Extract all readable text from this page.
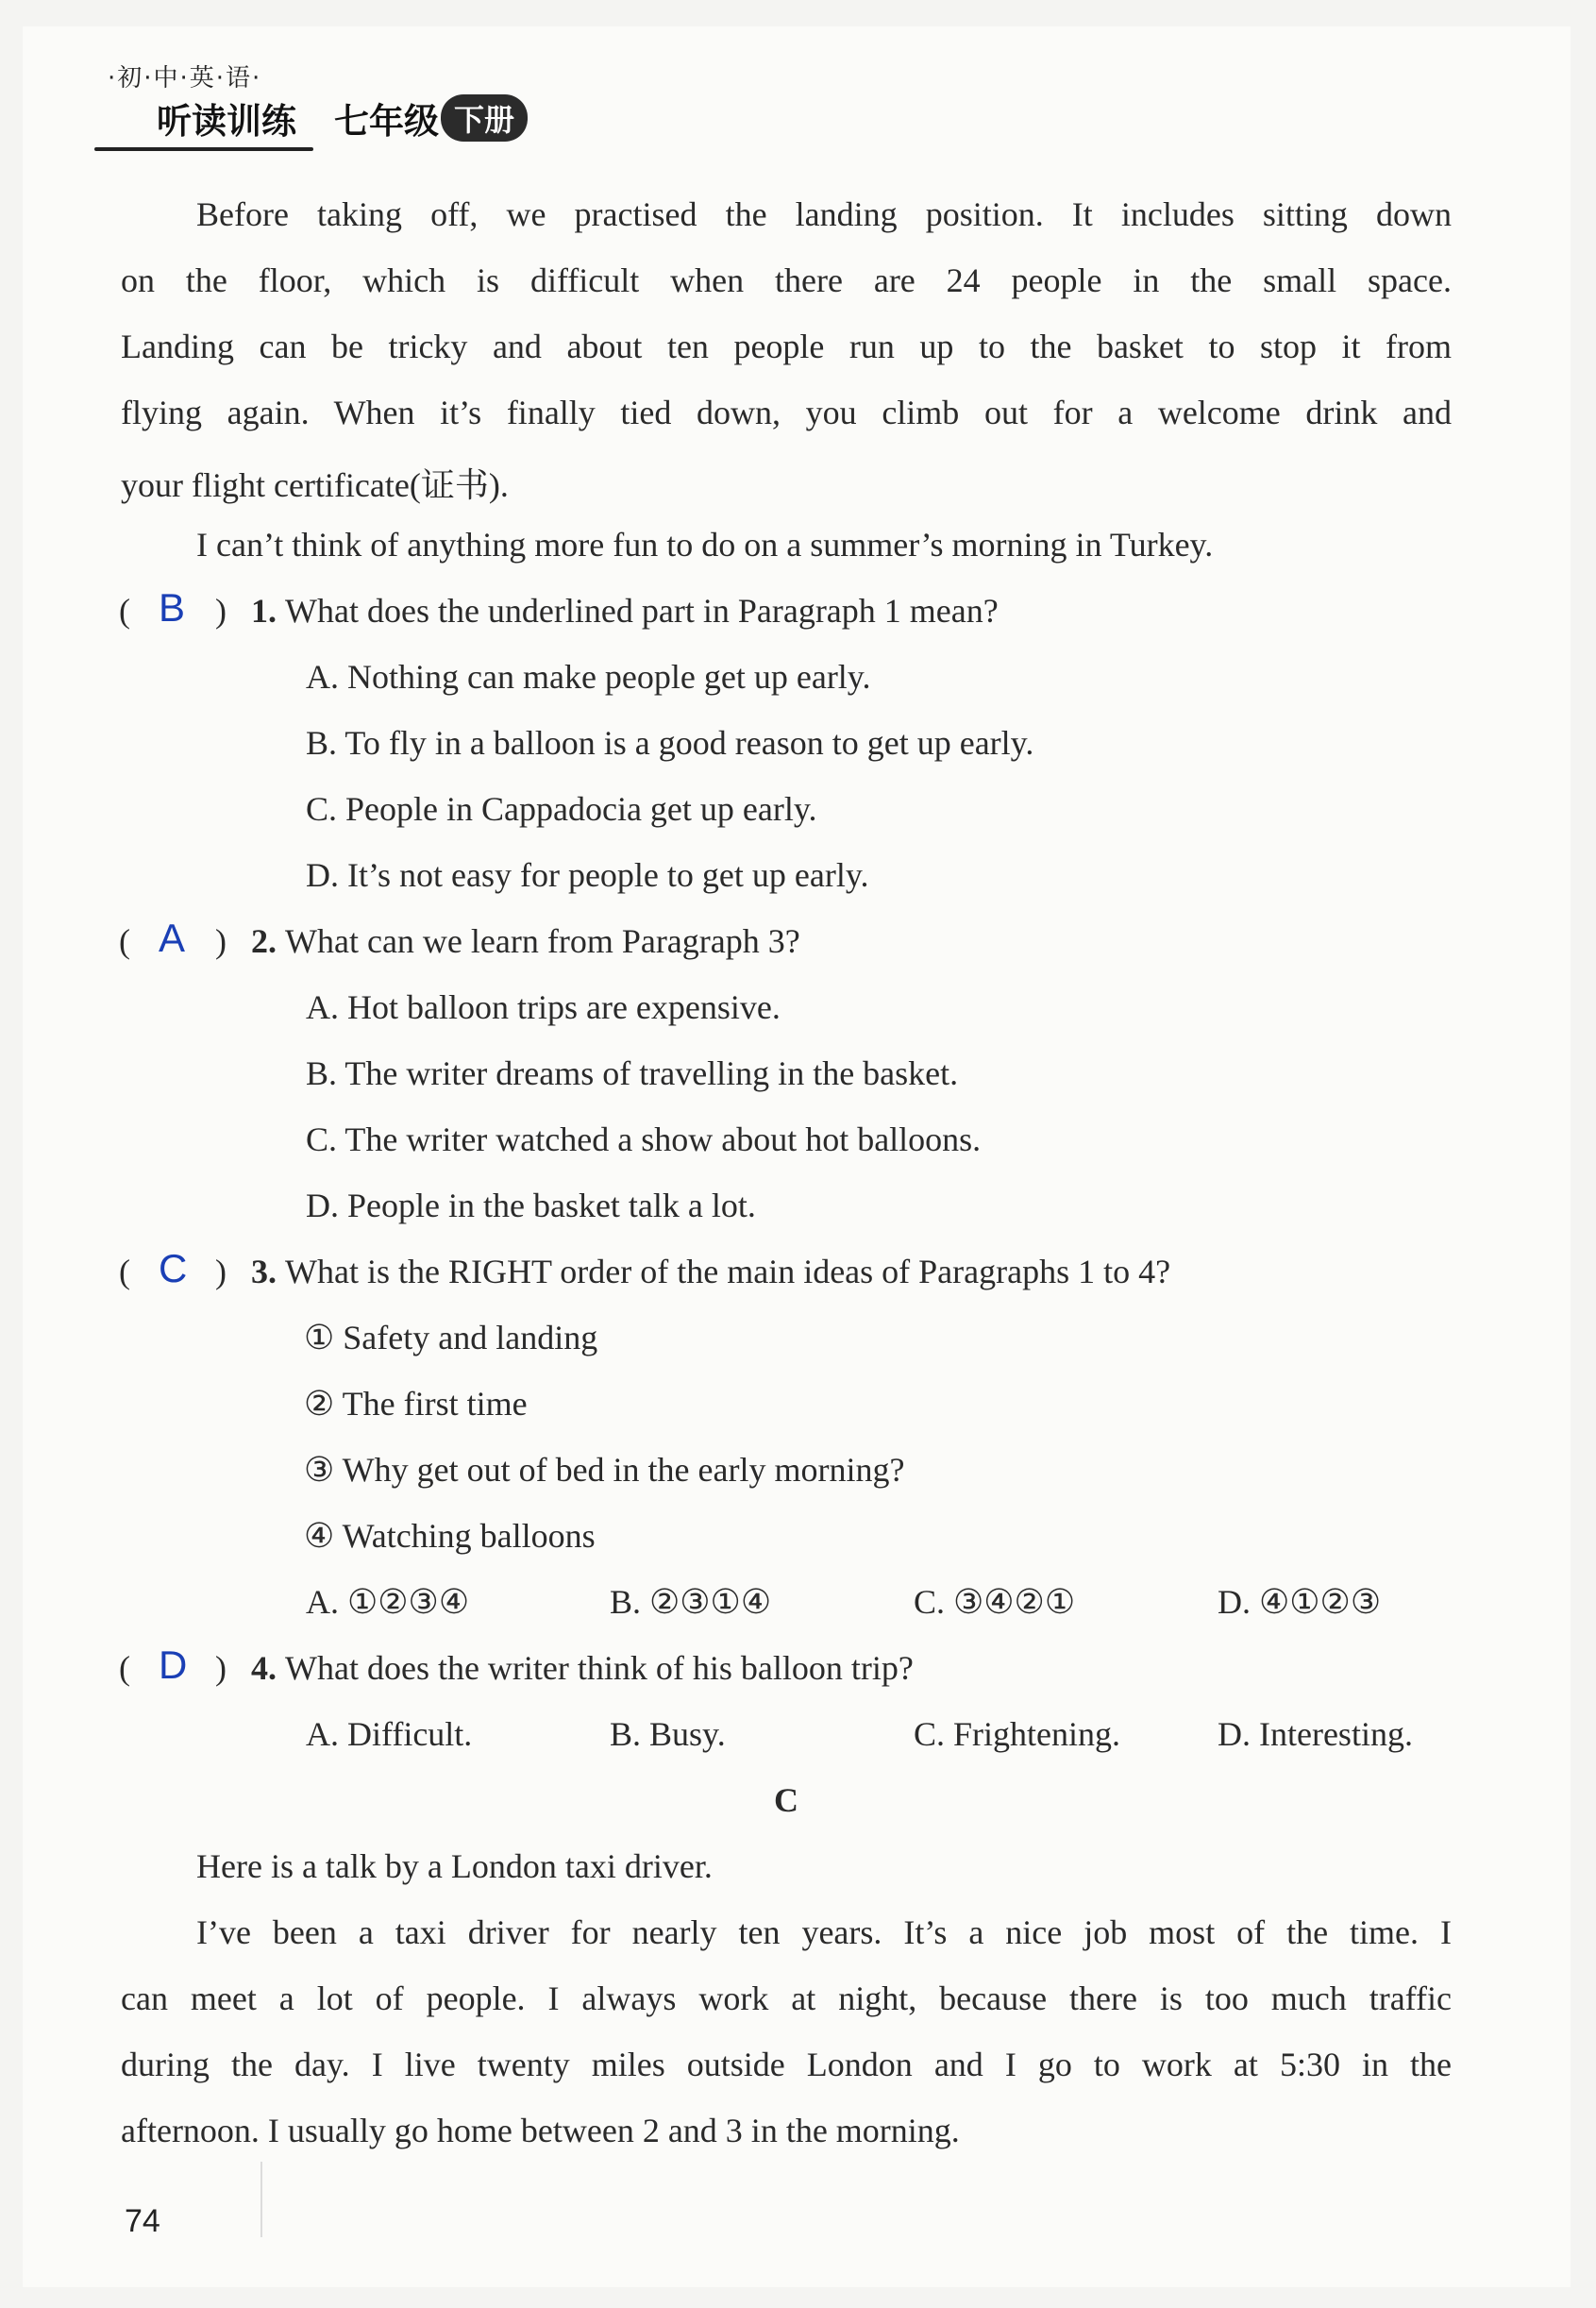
·初·中·英·语·
听读训练 七年级 下册
Before taking off, we practised the landing position. It includes sitting down
on the floor, which is difficult when there are 24 people in the small space.
Landing can be tricky and about ten people run up to the basket to stop it from
flying again. When it’s finally tied down, you climb out for a welcome drink and
your flight certificate(证书).
I can’t think of anything more fun to do on a summer’s morning in Turkey.
( B ) 1. What does the underlined part in Paragraph 1 mean?
A. Nothing can make people get up early.
B. To fly in a balloon is a good reason to get up early.
C. People in Cappadocia get up early.
D. It’s not easy for people to get up early.
( A ) 2. What can we learn from Paragraph 3?
A. Hot balloon trips are expensive.
B. The writer dreams of travelling in the basket.
C. The writer watched a show about hot balloons.
D. People in the basket talk a lot.
( C ) 3. What is the RIGHT order of the main ideas of Paragraphs 1 to 4?
① Safety and landing
② The first time
③ Why get out of bed in the early morning?
④ Watching balloons
A. ①②③④	B. ②③①④	C. ③④②①	D. ④①②③
( D ) 4. What does the writer think of his balloon trip?
A. Difficult.	B. Busy.	C. Frightening.	D. Interesting.
C
Here is a talk by a London taxi driver.
I’ve been a taxi driver for nearly ten years. It’s a nice job most of the time. I
can meet a lot of people. I always work at night, because there is too much traffic
during the day. I live twenty miles outside London and I go to work at 5:30 in the
afternoon. I usually go home between 2 and 3 in the morning.
74
